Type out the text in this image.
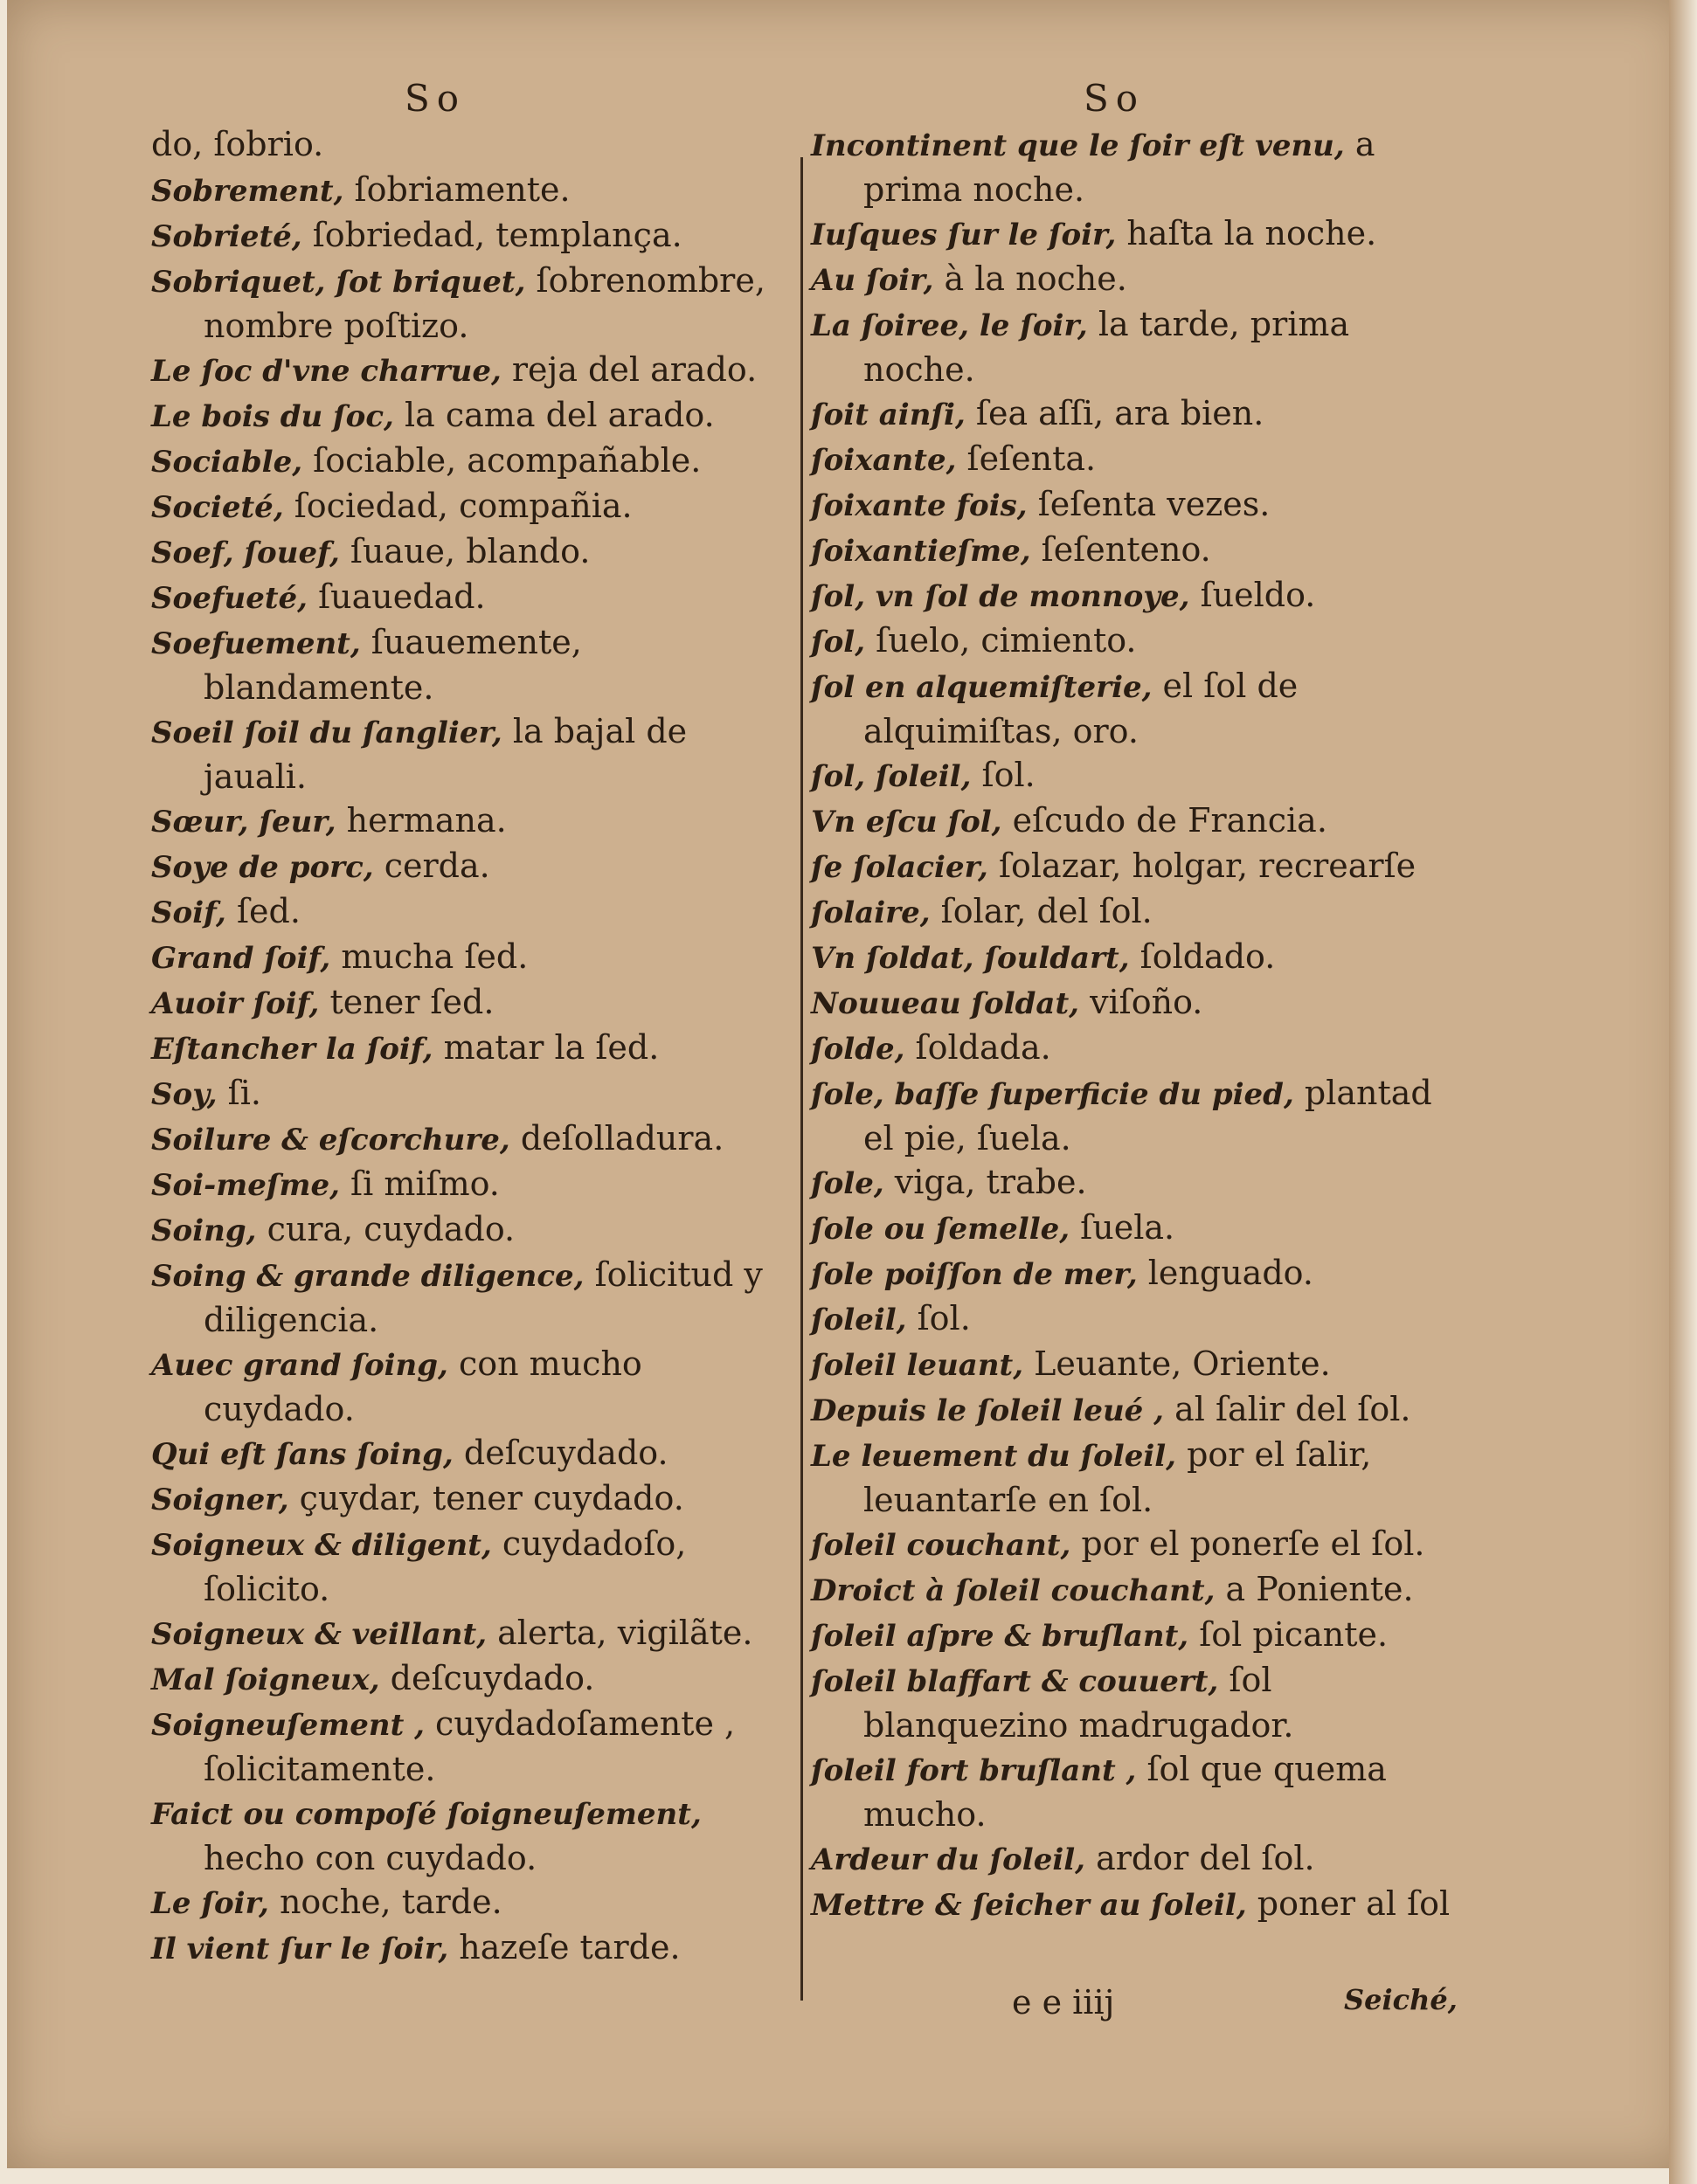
So	So

do, ſobrio.

Sobrement, ſobriamente.

Sobrieté, ſobriedad, templança.

Sobriquet, ſot briquet, ſobrenombre, nombre poſtizo.

Le ſoc d'vne charrue, reja del arado.

Le bois du ſoc, la cama del arado.

Sociable, ſociable, acompañable.

Societé, ſociedad, compañia.

Soef, ſouef, ſuaue, blando.

Soefueté, ſuauedad.

Soefuement, ſuauemente, blandamente.

Soeil ſoil du ſanglier, la bajal de jauali.

Sœur, ſeur, hermana.

Soye de porc, cerda.

Soif, ſed.

Grand ſoif, mucha ſed.

Auoir ſoif, tener ſed.

Eſtancher la ſoif, matar la ſed.

Soy, ſi.

Soilure & eſcorchure, deſolladura.

Soi-meſme, ſi miſmo.

Soing, cura, cuydado.

Soing & grande diligence, ſolicitud y diligencia.

Auec grand ſoing, con mucho cuydado.

Qui eſt ſans ſoing, deſcuydado.

Soigner, çuydar, tener cuydado.

Soigneux & diligent, cuydadoſo, ſolicito.

Soigneux & veillant, alerta, vigilãte.

Mal ſoigneux, deſcuydado.

Soigneuſement , cuydadoſamente , ſolicitamente.

Faict ou compoſé ſoigneuſement, hecho con cuydado.

Le ſoir, noche, tarde.

Il vient ſur le ſoir, hazeſe tarde.

Incontinent que le ſoir eſt venu, a prima noche.

Iuſques ſur le ſoir, haſta la noche.

Au ſoir, à la noche.

La ſoiree, le ſoir, la tarde, prima noche.

ſoit ainſi, ſea aſſi, ara bien.

ſoixante, ſeſenta.

ſoixante fois, ſeſenta vezes.

ſoixantieſme, ſeſenteno.

ſol, vn ſol de monnoye, ſueldo.

ſol, ſuelo, cimiento.

ſol en alquemiſterie, el ſol de alquimiſtas, oro.

ſol, ſoleil, ſol.

Vn eſcu ſol, eſcudo de Francia.

ſe ſolacier, ſolazar, holgar, recrearſe

ſolaire, ſolar, del ſol.

Vn ſoldat, ſouldart, ſoldado.

Nouueau ſoldat, viſoño.

ſolde, ſoldada.

ſole, baſſe ſuperficie du pied, plantad el pie, ſuela.

ſole, viga, trabe.

ſole ou ſemelle, ſuela.

ſole poiſſon de mer, lenguado.

ſoleil, ſol.

ſoleil leuant, Leuante, Oriente.

Depuis le ſoleil leué , al ſalir del ſol.

Le leuement du ſoleil, por el ſalir, leuantarſe en ſol.

ſoleil couchant, por el ponerſe el ſol.

Droict à ſoleil couchant, a Poniente.

ſoleil aſpre & bruſlant, ſol picante.

ſoleil blaffart & couuert, ſol blanquezino madrugador.

ſoleil fort bruſlant , ſol que quema mucho.

Ardeur du ſoleil, ardor del ſol.

Mettre & ſeicher au ſoleil, poner al ſol

e e iiij	Seiché,
